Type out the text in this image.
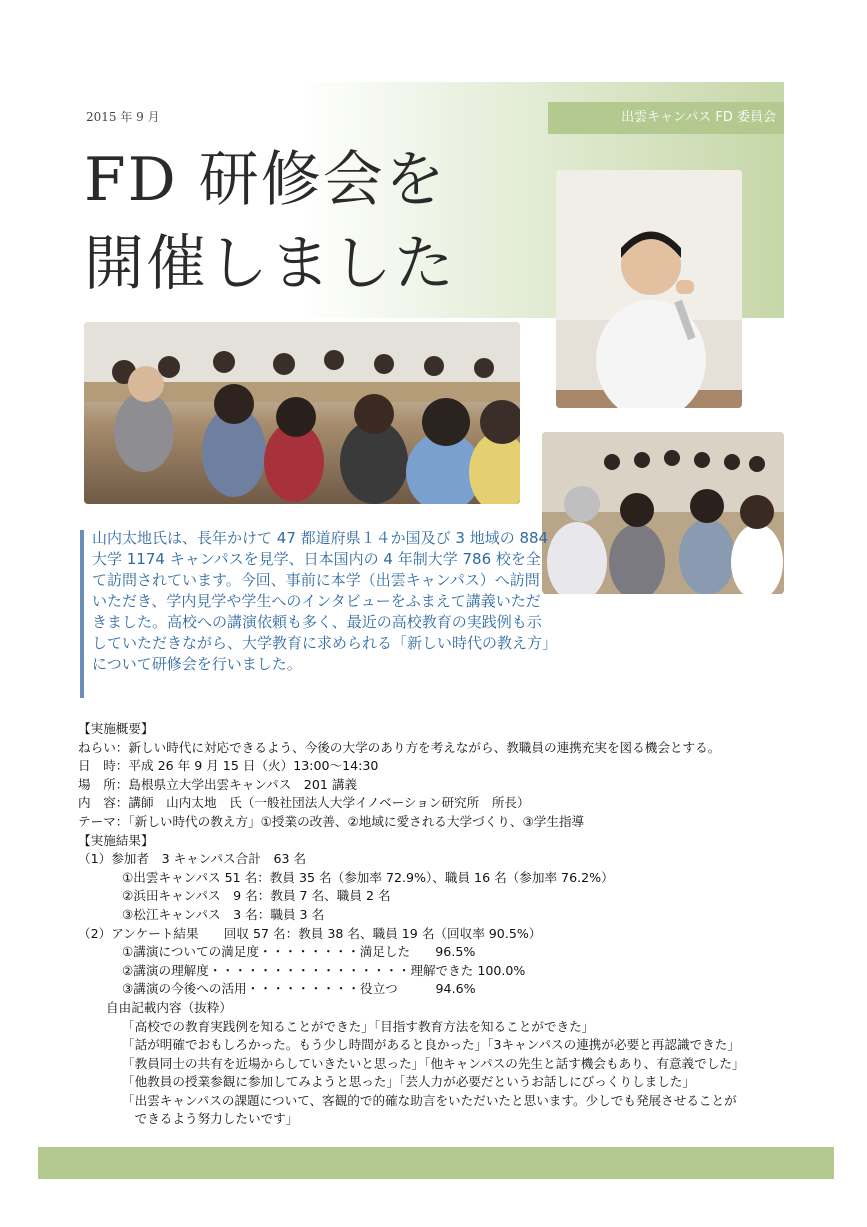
2015 年 9 月	出雲キャンパス FD 委員会
FD 研修会を
開催しました

山内太地氏は、長年かけて 47 都道府県１４か国及び 3 地域の 884 大学 1174 キャンパスを見学、日本国内の 4 年制大学 786 校を全て訪問されています。今回、事前に本学（出雲キャンパス）へ訪問いただき、学内見学や学生へのインタビューをふまえて講義いただきました。高校への講演依頼も多く、最近の高校教育の実践例も示していただきながら、大学教育に求められる「新しい時代の教え方」について研修会を行いました。

【実施概要】
ねらい：新しい時代に対応できるよう、今後の大学のあり方を考えながら、教職員の連携充実を図る機会とする。
日　時：平成 26 年 9 月 15 日（火）13:00～14:30
場　所：島根県立大学出雲キャンパス　201 講義
内　容：講師　山内太地　氏（一般社団法人大学イノベーション研究所　所長）
テーマ：「新しい時代の教え方」①授業の改善、②地域に愛される大学づくり、③学生指導
【実施結果】
（1）参加者　3 キャンパス合計　63 名
①出雲キャンパス 51 名：教員 35 名（参加率 72.9%）、職員 16 名（参加率 76.2%）
②浜田キャンパス　9 名：教員 7 名、職員 2 名
③松江キャンパス　3 名：職員 3 名
（2）アンケート結果　　回収 57 名：教員 38 名、職員 19 名（回収率 90.5%）
①講演についての満足度・・・・・・・・満足した　　96.5%
②講演の理解度・・・・・・・・・・・・・・・・理解できた 100.0%
③講演の今後への活用・・・・・・・・・役立つ　　　94.6%
自由記載内容（抜粋）
「高校での教育実践例を知ることができた」「目指す教育方法を知ることができた」
「話が明確でおもしろかった。もう少し時間があると良かった」「3キャンパスの連携が必要と再認識できた」
「教員同士の共有を近場からしていきたいと思った」「他キャンパスの先生と話す機会もあり、有意義でした」
「他教員の授業参観に参加してみようと思った」「芸人力が必要だというお話しにびっくりしました」
「出雲キャンパスの課題について、客観的で的確な助言をいただいたと思います。少しでも発展させることが
　できるよう努力したいです」
